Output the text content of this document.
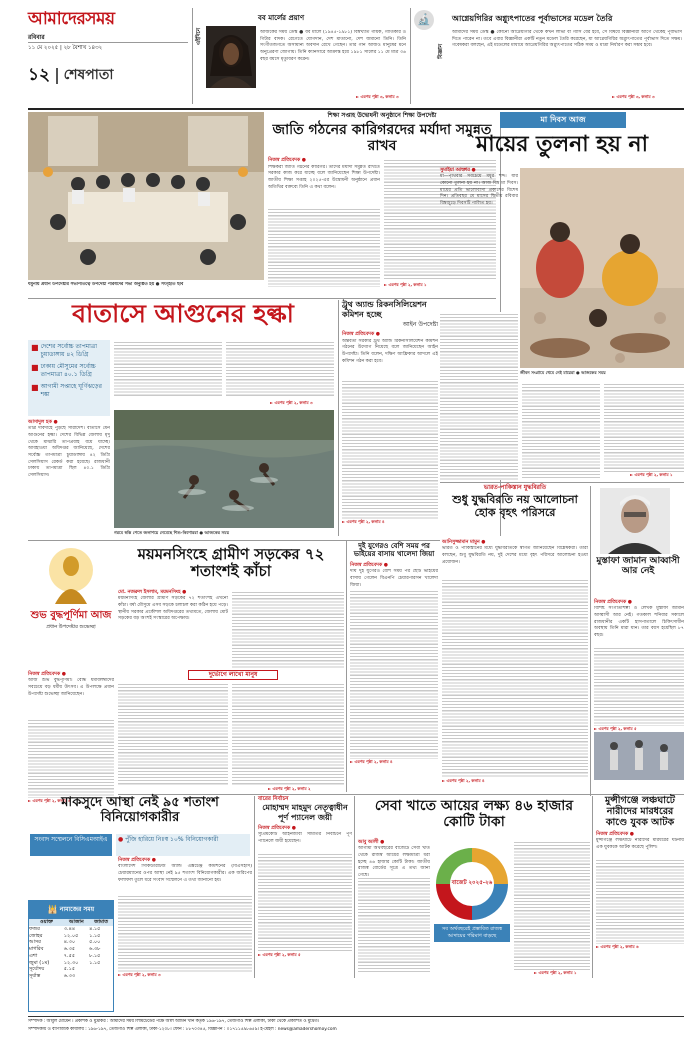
আমাদেরসময়
রবিবার
১১ মে ২০২৫ | ২৮ বৈশাখ ১৪৩২
১২ শেষপাতা
এইদিনে
বব মার্লের প্রয়াণ
আজকের সময় ডেস্ক ● বব মার্লে (১৯৪৫-১৯৮১) বিশ্বখ্যাত গায়ক, গীতিকার ও গিটার বাদক। রেগেতে যোগদান, দেশ মাতানো, দেশ জমানো তিনি। তিনি সংগীতজগতে অসামান্য অবদান রেখে গেছেন। তার গান আজও মানুষের মনে অনুপ্রেরণা জোগায়। তিনি ক্যানসারে আক্রান্ত হয়ে ১৯৮১ সালের ১১ মে মাত্র ৩৬ বছর বয়সে মৃত্যুবরণ করেন।
► এরপর পৃষ্ঠা ৩, কলাম ৩
🔬
বিজ্ঞান
আগ্নেয়গিরির অগ্ন্যুৎপাতের পূর্বাভাসের মডেল তৈরি
আমাদের সময় ডেস্ক ● কোনো আগ্নেয়গিরি থেকে কখন লাভা বা গ্যাস বের হবে, সে বিষয়ে বিজ্ঞানীরা আগে থেকেই পূর্বাভাস দিতে পারেন না। তবে এবার বিজ্ঞানীরা একটি নতুন মডেল তৈরি করেছেন, যা আগ্নেয়গিরির অগ্ন্যুৎপাতের পূর্বাভাস দিতে সক্ষম। গবেষকরা বলছেন, এই মডেলের মাধ্যমে আগ্নেয়গিরির অগ্ন্যুৎপাতের সঠিক সময় ও মাত্রা নির্ধারণ করা সম্ভব হবে।
► এরপর পৃষ্ঠা ৩, কলাম ৩
যমুনায় প্রধান উপদেষ্টার সভাপতিত্বে উপদেষ্টা পরিষদের সভা অনুষ্ঠিত হয় ● সংগৃহীত ছবি
শিক্ষা সপ্তাহ উদ্বোধনী অনুষ্ঠানে শিক্ষা উপদেষ্টা
জাতি গঠনের কারিগরদের মর্যাদা সমুন্নত রাখব
নিজস্ব প্রতিবেদক ●
শিক্ষকরা জাতি গঠনের কারিগর। তাদের মর্যাদা সমুন্নত রাখতে সরকার কাজ করে যাচ্ছে বলে জানিয়েছেন শিক্ষা উপদেষ্টা। জাতীয় শিক্ষা সপ্তাহ ২০২৫-এর উদ্বোধনী অনুষ্ঠানে প্রধান অতিথির বক্তব্যে তিনি এ কথা বলেন।
► এরপর পৃষ্ঠা ২, কলাম ১
বাতাসে আগুনের হল্কা
■ দেশের সর্বোচ্চ তাপমাত্রা চুয়াডাঙ্গায় ৪২ ডিগ্রি
■ ঢাকায় মৌসুমের সর্বোচ্চ তাপমাত্রা ৪০.১ ডিগ্রি
■ আগামী সপ্তাহে ঘূর্ণিঝড়ের শঙ্কা
আসাদুল হক ●
তীব্র দাবদাহে পুড়ছে সারাদেশ। বাতাসে যেন আগুনের হল্কা। দেশের বিভিন্ন জেলায় মৃদু থেকে মাঝারি তাপপ্রবাহ বয়ে যাচ্ছে। আবহাওয়া অধিদপ্তর জানিয়েছে, দেশের সর্বোচ্চ তাপমাত্রা চুয়াডাঙ্গায় ৪২ ডিগ্রি সেলসিয়াস রেকর্ড করা হয়েছে। রাজধানী ঢাকায় তাপমাত্রা ছিল ৪০.১ ডিগ্রি সেলসিয়াস।
► এরপর পৃষ্ঠা ২, কলাম ৩
গরমে স্বস্তি পেতে জলাশয়ে নেমেছে শিশু-কিশোররা ● আজকের সময়
ট্রুথ অ্যান্ড রিকনসিলিয়েশন কমিশন হচ্ছে
আইন উপদেষ্টা
নিজস্ব প্রতিবেদক ●
অন্তর্বর্তী সরকার ট্রুথ অ্যান্ড রিকনসিলিয়েশন কমিশন গঠনের উদ্যোগ নিয়েছে বলে জানিয়েছেন আইন উপদেষ্টা। তিনি বলেন, দক্ষিণ আফ্রিকার আদলে এই কমিশন গঠন করা হবে।
► এরপর পৃষ্ঠা ২, কলাম ৪
মা দিবস আজ
মায়ের তুলনা হয় না
সুমাইয়া আক্তার ●
মা—পৃথিবীর সবচেয়ে মধুর শব্দ। যার কোনো তুলনা হয় না। আজ বিশ্ব মা দিবস। মায়ের প্রতি ভালোবাসা প্রকাশের বিশেষ দিন। প্রতিবছর মে মাসের দ্বিতীয় রবিবার বিশ্বজুড়ে দিবসটি পালিত হয়।
জীবন সংগ্রামে থেমে নেই মায়েরা ● আজকের সময়
► এরপর পৃষ্ঠা ২, কলাম ১
ভারত-পাকিস্তান যুদ্ধবিরতি
শুধু যুদ্ধবিরতি নয় আলোচনা হোক বৃহৎ পরিসরে
মুস্তাফা জামান আব্বাসী আর নেই
শুভ বুদ্ধপূর্ণিমা আজ
প্রধান উপদেষ্টার শুভেচ্ছা
নিজস্ব প্রতিবেদক ●
আজ শুভ বুদ্ধপূর্ণিমা। বৌদ্ধ ধর্মাবলম্বীদের সবচেয়ে বড় ধর্মীয় উৎসব। এ উপলক্ষে প্রধান উপদেষ্টা শুভেচ্ছা জানিয়েছেন।
► এরপর পৃষ্ঠা ২, কলাম ৬
ময়মনসিংহে গ্রামীণ সড়কের ৭২ শতাংশই কাঁচা
মো. নজরুল ইসলাম, ময়মনসিংহ ●
ময়মনসিংহ জেলার গ্রামীণ সড়কের ৭২ শতাংশই এখনো কাঁচা। বর্ষা মৌসুমে এসব সড়কে চলাচল করা কঠিন হয়ে পড়ে। স্থানীয় সরকার প্রকৌশল অধিদপ্তরের তথ্যমতে, জেলায় মোট সড়কের বড় অংশই সংস্কারের অপেক্ষায়।
দুর্ভোগে লাখো মানুষ
► এরপর পৃষ্ঠা ২, কলাম ২
দুই যুগেরও বেশি সময় পর ভাইয়ের বাসায় খালেদা জিয়া
নিজস্ব প্রতিবেদক ●
দীর্ঘ দুই যুগেরও বেশি সময় পর ছোট ভাইয়ের বাসায় গেলেন বিএনপি চেয়ারপারসন খালেদা জিয়া।
► এরপর পৃষ্ঠা ২, কলাম ৪
আনিসুজ্জামান মামুন ●
ভারত ও পাকিস্তানের মধ্যে যুদ্ধবিরতিকে স্বাগত জানিয়েছেন বিশ্লেষকরা। তারা বলছেন, শুধু যুদ্ধবিরতি নয়, দুই দেশের মধ্যে বৃহৎ পরিসরে আলোচনা হওয়া প্রয়োজন।
► এরপর পৃষ্ঠা ২, কলাম ৪
নিজস্ব প্রতিবেদক ●
বিশিষ্ট সংগীতশিল্পী ও লেখক মুস্তাফা জামান আব্বাসী আর নেই। গতকাল শনিবার সকালে রাজধানীর একটি হাসপাতালে চিকিৎসাধীন অবস্থায় তিনি মারা যান। তার বয়স হয়েছিল ৮৭ বছর।
► এরপর পৃষ্ঠা ২, কলাম ৫
মাকসুদে আস্থা নেই ৯৫ শতাংশ বিনিয়োগকারীর
সংবাদ সম্মেলনে বিসিএমআইএ	● পুঁজি হারিয়ে নিঃস্ব ১০% বিনিয়োগকারী
নিজস্ব প্রতিবেদক ●
বাংলাদেশ সিকিউরিটিজ অ্যান্ড এক্সচেঞ্জ কমিশনের (বিএসইসি) চেয়ারম্যানের ওপর আস্থা নেই ৯৫ শতাংশ বিনিয়োগকারীর। এক জরিপের ফলাফল তুলে ধরে সংবাদ সম্মেলনে এ তথ্য জানানো হয়।
► এরপর পৃষ্ঠা ২, কলাম ৩
বারের নির্বাচন
মোহাম্মদ মাহমুদ নেতৃত্বাধীন পূর্ণ প্যানেল জয়ী
নিজস্ব প্রতিবেদক ●
সুপ্রিমকোর্ট আইনজীবী সমিতির নির্বাচনে পূর্ণ প্যানেলে জয়ী হয়েছেন।
► এরপর পৃষ্ঠা ২, কলাম ৫
সেবা খাতে আয়ের লক্ষ্য ৪৬ হাজার কোটি টাকা
আবু আলী ●
আগামী অর্থবছরের বাজেটে সেবা খাত থেকে রাজস্ব আয়ের লক্ষ্যমাত্রা ধরা হচ্ছে ৪৬ হাজার কোটি টাকা। জাতীয় রাজস্ব বোর্ডের সূত্রে এ তথ্য জানা গেছে।
বাজেট ২০২৫-২৬
সব অর্থবছরেই প্রস্তাবিত রাজস্ব আদায়ের পরিমাণ বাড়ছে
► এরপর পৃষ্ঠা ২, কলাম ১
মুন্সীগঞ্জে লঞ্চঘাটে নারীদের মারধরের কাণ্ডে যুবক আটক
নিজস্ব প্রতিবেদক ●
মুন্সীগঞ্জে লঞ্চঘাটে নারীদের মারধরের ঘটনায় এক যুবককে আটক করেছে পুলিশ।
► এরপর পৃষ্ঠা ২, কলাম ৬
🕌 নামাজের সময়
ওয়াক্ত	আজান	জামাত
ফজর	৩.৪৪	৪.১৫
জোহর	১২.০৫	১.১৫
আসর	৪.৩০	৫.০০
মাগরিব	৬.৩৫	৬.৩৮
এশা	৭.৫৫	৮.১৫
জুমা (১ম)	১২.৩০	১.১৫
সূর্যোদয়	৫.১৫	
সূর্যাস্ত	৬.৩৩	
সম্পাদক : আবুল মোমেন । প্রকাশক ও মুদ্রাকর : আমাদের সময় লিমিটেডের পক্ষে আল আমিন খান কর্তৃক ১৯৬-১৯৭, তেজগাঁও শিল্প এলাকা, ঢাকা থেকে প্রকাশিত ও মুদ্রিত।
সম্পাদকীয় ও বাণিজ্যিক কার্যালয় : ১৯৬-১৯৭, তেজগাঁও শিল্প এলাকা, ঢাকা-১২০৮। ফোন : ৮৮৭০৩৪৫, বিজ্ঞাপন : ০১৭১১৫৯৮৬৫৯। ই-মেইল : news@amadershomoy.com
